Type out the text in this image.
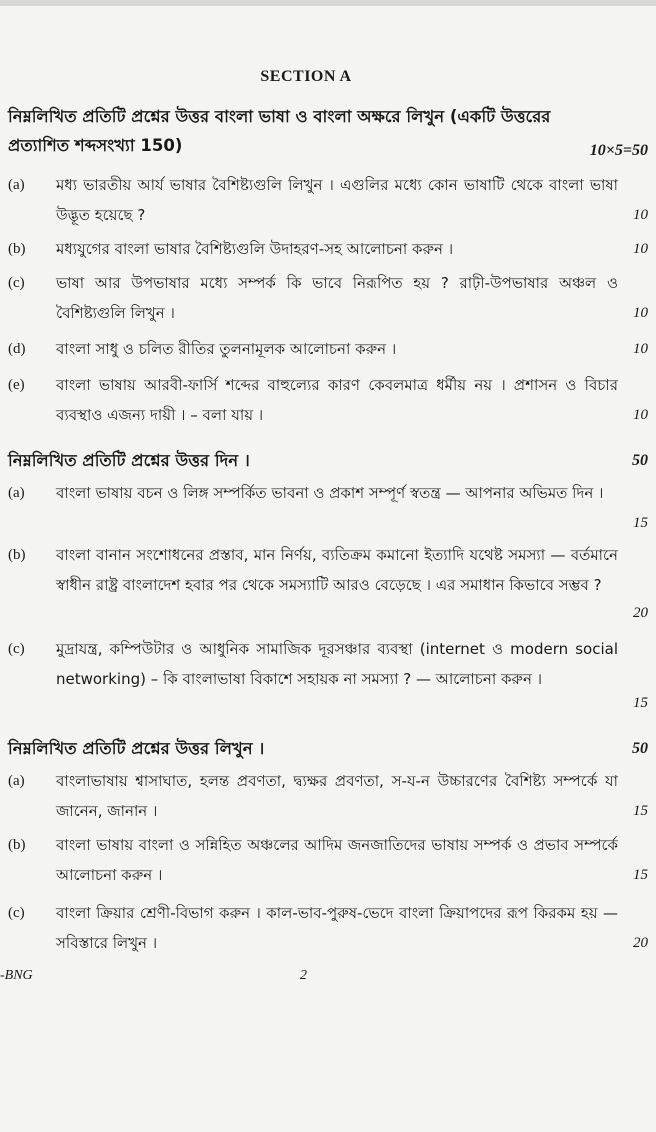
SECTION A
নিম্নলিখিত প্রতিটি প্রশ্নের উত্তর বাংলা ভাষা ও বাংলা অক্ষরে লিখুন (একটি উত্তরের প্রত্যাশিত শব্দসংখ্যা 150)	10×5=50
(a) মধ্য ভারতীয় আর্য ভাষার বৈশিষ্ট্যগুলি লিখুন । এগুলির মধ্যে কোন ভাষাটি থেকে বাংলা ভাষা উদ্ভূত হয়েছে ?	10
(b) মধ্যযুগের বাংলা ভাষার বৈশিষ্ট্যগুলি উদাহরণ-সহ আলোচনা করুন ।	10
(c) ভাষা আর উপভাষার মধ্যে সম্পর্ক কি ভাবে নিরূপিত হয় ? রাঢ়ী-উপভাষার অঞ্চল ও বৈশিষ্ট্যগুলি লিখুন ।	10
(d) বাংলা সাধু ও চলিত রীতির তুলনামূলক আলোচনা করুন ।	10
(e) বাংলা ভাষায় আরবী-ফার্সি শব্দের বাহুল্যের কারণ কেবলমাত্র ধর্মীয় নয় । প্রশাসন ও বিচার ব্যবস্থাও এজন্য দায়ী । – বলা যায় ।	10
নিম্নলিখিত প্রতিটি প্রশ্নের উত্তর দিন ।	50
(a) বাংলা ভাষায় বচন ও লিঙ্গ সম্পর্কিত ভাবনা ও প্রকাশ সম্পূর্ণ স্বতন্ত্র — আপনার অভিমত দিন ।
15
(b) বাংলা বানান সংশোধনের প্রস্তাব, মান নির্ণয়, ব্যতিক্রম কমানো ইত্যাদি যথেষ্ট সমস্যা — বর্তমানে স্বাধীন রাষ্ট্র বাংলাদেশ হবার পর থেকে সমস্যাটি আরও বেড়েছে । এর সমাধান কিভাবে সম্ভব ?
20
(c) মুদ্রাযন্ত্র, কম্পিউটার ও আধুনিক সামাজিক দূরসঞ্চার ব্যবস্থা (internet ও modern social networking) – কি বাংলাভাষা বিকাশে সহায়ক না সমস্যা ? — আলোচনা করুন ।
15
নিম্নলিখিত প্রতিটি প্রশ্নের উত্তর লিখুন ।	50
(a) বাংলাভাষায় শ্বাসাঘাত, হলন্ত প্রবণতা, দ্ব্যক্ষর প্রবণতা, স-য-ন উচ্চারণের বৈশিষ্ট্য সম্পর্কে যা জানেন, জানান ।	15
(b) বাংলা ভাষায় বাংলা ও সন্নিহিত অঞ্চলের আদিম জনজাতিদের ভাষায় সম্পর্ক ও প্রভাব সম্পর্কে আলোচনা করুন ।	15
(c) বাংলা ক্রিয়ার শ্রেণী-বিভাগ করুন । কাল-ভাব-পুরুষ-ভেদে বাংলা ক্রিয়াপদের রূপ কিরকম হয় — সবিস্তারে লিখুন ।	20
-BNG	2
